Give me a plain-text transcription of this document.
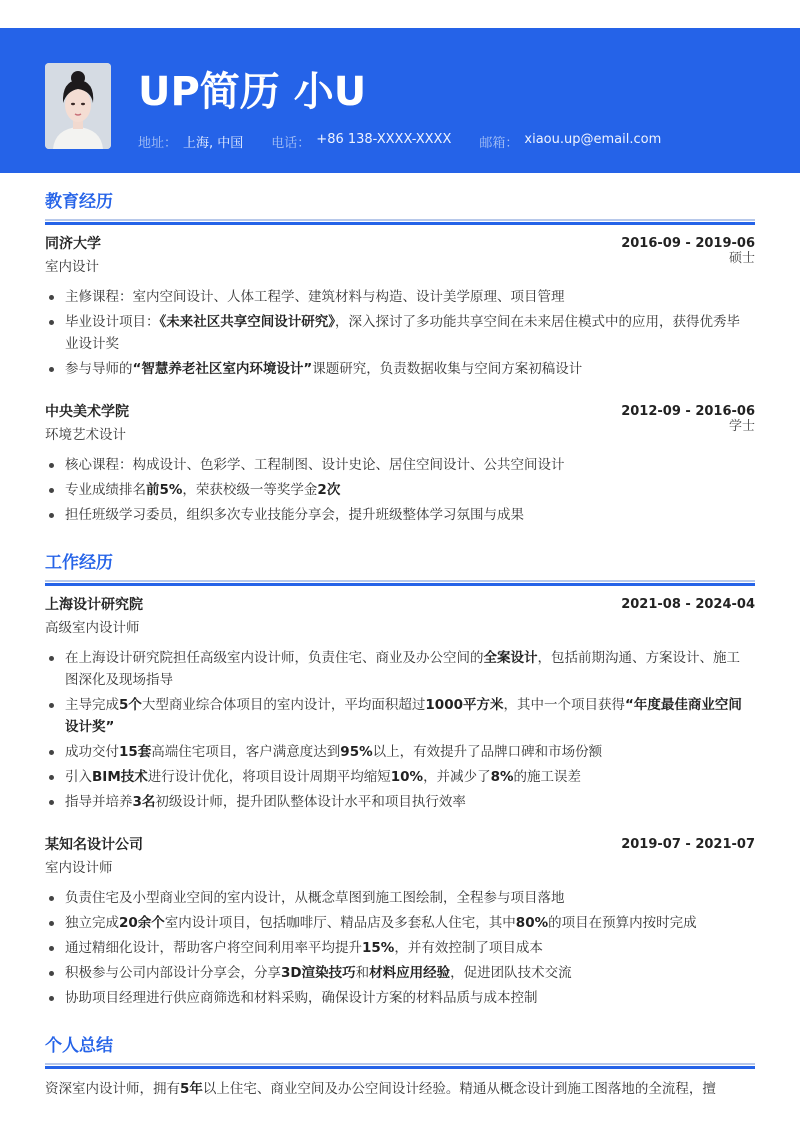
UP简历 小U
地址： 上海, 中国 电话： +86 138-XXXX-XXXX 邮箱： xiaou.up@email.com
教育经历
同济大学	2016-09 - 2019-06
室内设计
硕士
主修课程：室内空间设计、人体工程学、建筑材料与构造、设计美学原理、项目管理
毕业设计项目：《未来社区共享空间设计研究》，深入探讨了多功能共享空间在未来居住模式中的应用，获得优秀毕业设计奖
参与导师的“智慧养老社区室内环境设计”课题研究，负责数据收集与空间方案初稿设计
中央美术学院	2012-09 - 2016-06
环境艺术设计
学士
核心课程：构成设计、色彩学、工程制图、设计史论、居住空间设计、公共空间设计
专业成绩排名前5%，荣获校级一等奖学金2次
担任班级学习委员，组织多次专业技能分享会，提升班级整体学习氛围与成果
工作经历
上海设计研究院	2021-08 - 2024-04
高级室内设计师
在上海设计研究院担任高级室内设计师，负责住宅、商业及办公空间的全案设计，包括前期沟通、方案设计、施工图深化及现场指导
主导完成5个大型商业综合体项目的室内设计，平均面积超过1000平方米，其中一个项目获得“年度最佳商业空间设计奖”
成功交付15套高端住宅项目，客户满意度达到95%以上，有效提升了品牌口碑和市场份额
引入BIM技术进行设计优化，将项目设计周期平均缩短10%，并减少了8%的施工误差
指导并培养3名初级设计师，提升团队整体设计水平和项目执行效率
某知名设计公司	2019-07 - 2021-07
室内设计师
负责住宅及小型商业空间的室内设计，从概念草图到施工图绘制，全程参与项目落地
独立完成20余个室内设计项目，包括咖啡厅、精品店及多套私人住宅，其中80%的项目在预算内按时完成
通过精细化设计，帮助客户将空间利用率平均提升15%，并有效控制了项目成本
积极参与公司内部设计分享会，分享3D渲染技巧和材料应用经验，促进团队技术交流
协助项目经理进行供应商筛选和材料采购，确保设计方案的材料品质与成本控制
个人总结

资深室内设计师，拥有5年以上住宅、商业空间及办公空间设计经验。精通从概念设计到施工图落地的全流程，擅
